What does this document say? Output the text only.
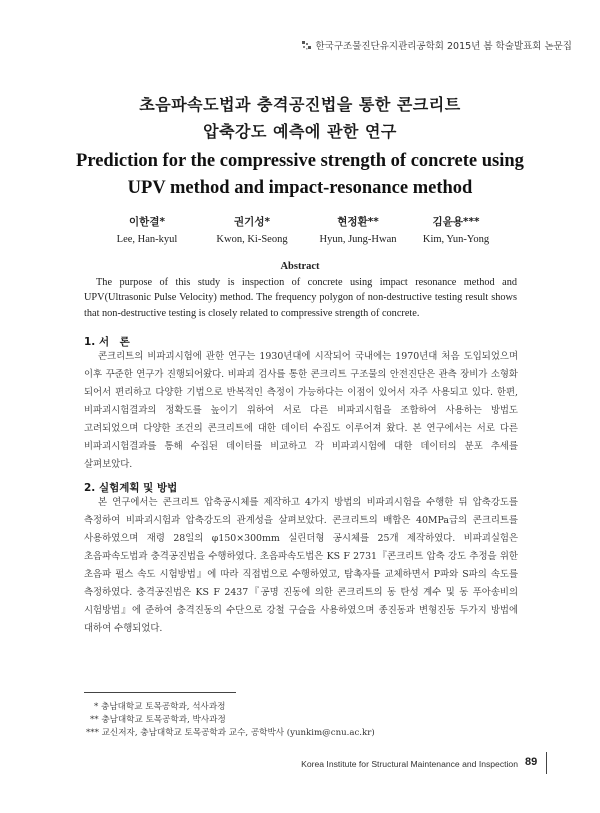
한국구조물진단유지관리공학회 2015년 봄 학술발표회 논문집
초음파속도법과 충격공진법을 통한 콘크리트
압축강도 예측에 관한 연구
Prediction for the compressive strength of concrete using
UPV method and impact-resonance method
이한결*
Lee, Han-kyul
권기성*
Kwon, Ki-Seong
현정환**
Hyun, Jung-Hwan
김윤용***
Kim, Yun-Yong
Abstract
The purpose of this study is inspection of concrete using impact resonance method and UPV(Ultrasonic Pulse Velocity) method. The frequency polygon of non-destructive testing result shows that non-destructive testing is closely related to compressive strength of concrete.
1. 서　론
콘크리트의 비파괴시험에 관한 연구는 1930년대에 시작되어 국내에는 1970년대 처음 도입되었으며 이후 꾸준한 연구가 진행되어왔다. 비파괴 검사를 통한 콘크리트 구조물의 안전진단은 관측 장비가 소형화 되어서 편리하고 다양한 기법으로 반복적인 측정이 가능하다는 이점이 있어서 자주 사용되고 있다. 한편, 비파괴시험결과의 정확도를 높이기 위하여 서로 다른 비파괴시험을 조합하여 사용하는 방법도 고려되었으며 다양한 조건의 콘크리트에 대한 데이터 수집도 이루어져 왔다. 본 연구에서는 서로 다른 비파괴시험결과를 통해 수집된 데이터를 비교하고 각 비파괴시험에 대한 데이터의 분포 추세를 살펴보았다.
2. 실험계획 및 방법
본 연구에서는 콘크리트 압축공시체를 제작하고 4가지 방법의 비파괴시험을 수행한 뒤 압축강도를 측정하여 비파괴시험과 압축강도의 관계성을 살펴보았다. 콘크리트의 배합은 40MPa급의 콘크리트를 사용하였으며 재령 28일의 φ150×300mm 실린더형 공시체를 25개 제작하였다. 비파괴실험은 초음파속도법과 충격공진법을 수행하였다. 초음파속도법은 KS F 2731『콘크리트 압축 강도 추정을 위한 초음파 펄스 속도 시험방법』에 따라 직접법으로 수행하였고, 탐촉자를 교체하면서 P파와 S파의 속도를 측정하였다. 충격공진법은 KS F 2437『공명 진동에 의한 콘크리트의 동 탄성 계수 및 동 푸아송비의 시험방법』에 준하여 충격진동의 수단으로 강철 구슬을 사용하였으며 종진동과 변형진동 두가지 방법에 대하여 수행되었다.
* 충남대학교 토목공학과, 석사과정
** 충남대학교 토목공학과, 박사과정
*** 교신저자, 충남대학교 토목공학과 교수, 공학박사 (yunkim@cnu.ac.kr)
Korea Institute for Structural Maintenance and Inspection 89
